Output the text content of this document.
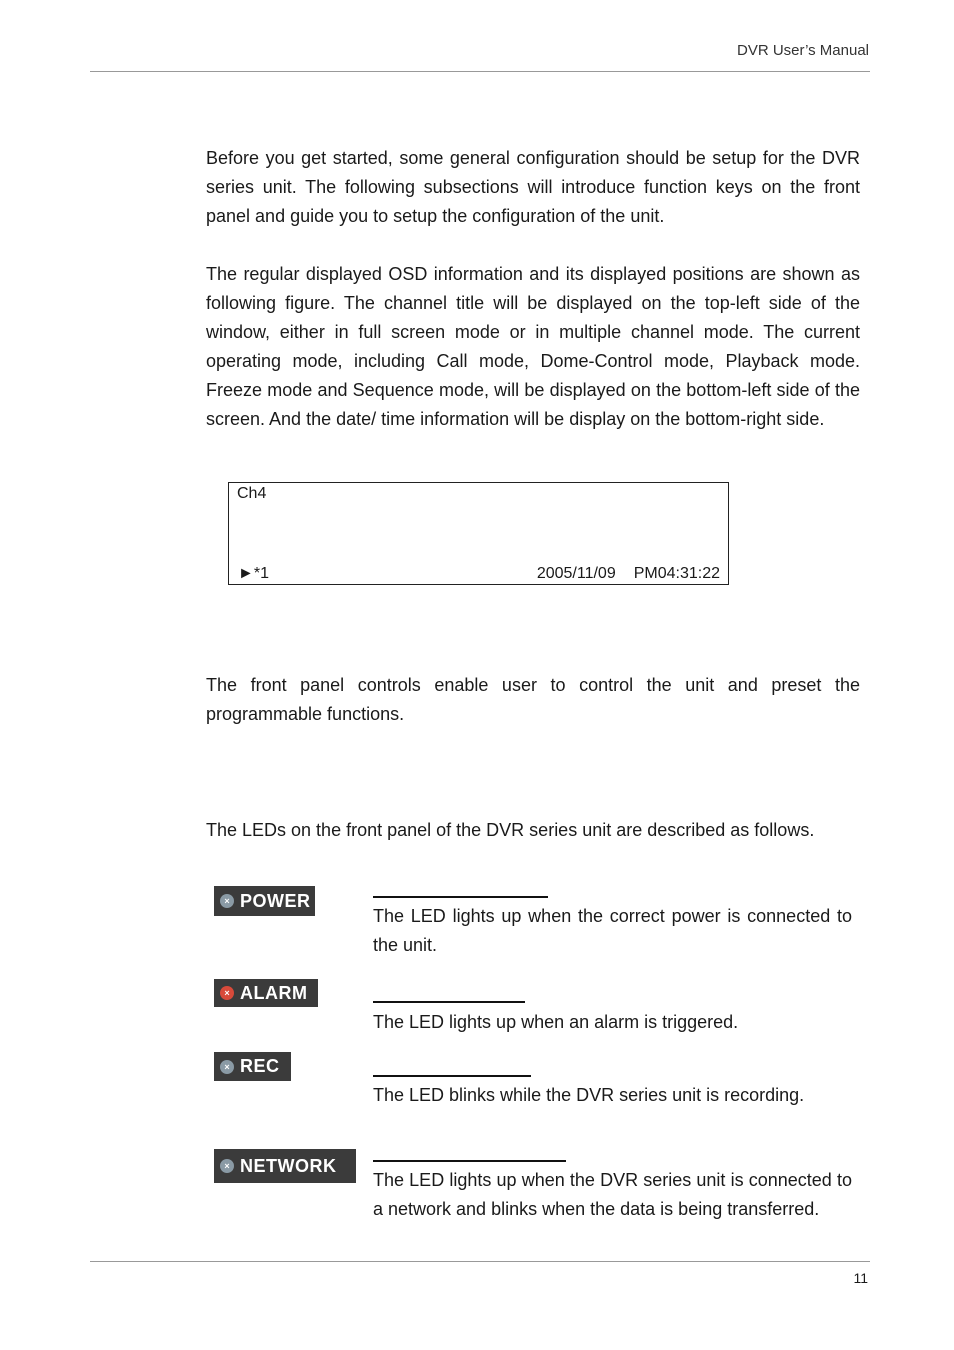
DVR User’s Manual

Before you get started, some general configuration should be setup for the DVR series unit. The following subsections will introduce function keys on the front panel and guide you to setup the configuration of the unit.

The regular displayed OSD information and its displayed positions are shown as following figure. The channel title will be displayed on the top-left side of the window, either in full screen mode or in multiple channel mode. The current operating mode, including Call mode, Dome-Control mode, Playback mode. Freeze mode and Sequence mode, will be displayed on the bottom-left side of the screen. And the date/ time information will be display on the bottom-right side.

Ch4
►*1	2005/11/09 PM04:31:22

The front panel controls enable user to control the unit and preset the programmable functions.

The LEDs on the front panel of the DVR series unit are described as follows.

× POWER

The LED lights up when the correct power is connected to the unit.

× ALARM

The LED lights up when an alarm is triggered.

× REC

The LED blinks while the DVR series unit is recording.

× NETWORK

The LED lights up when the DVR series unit is connected to a network and blinks when the data is being transferred.

11
